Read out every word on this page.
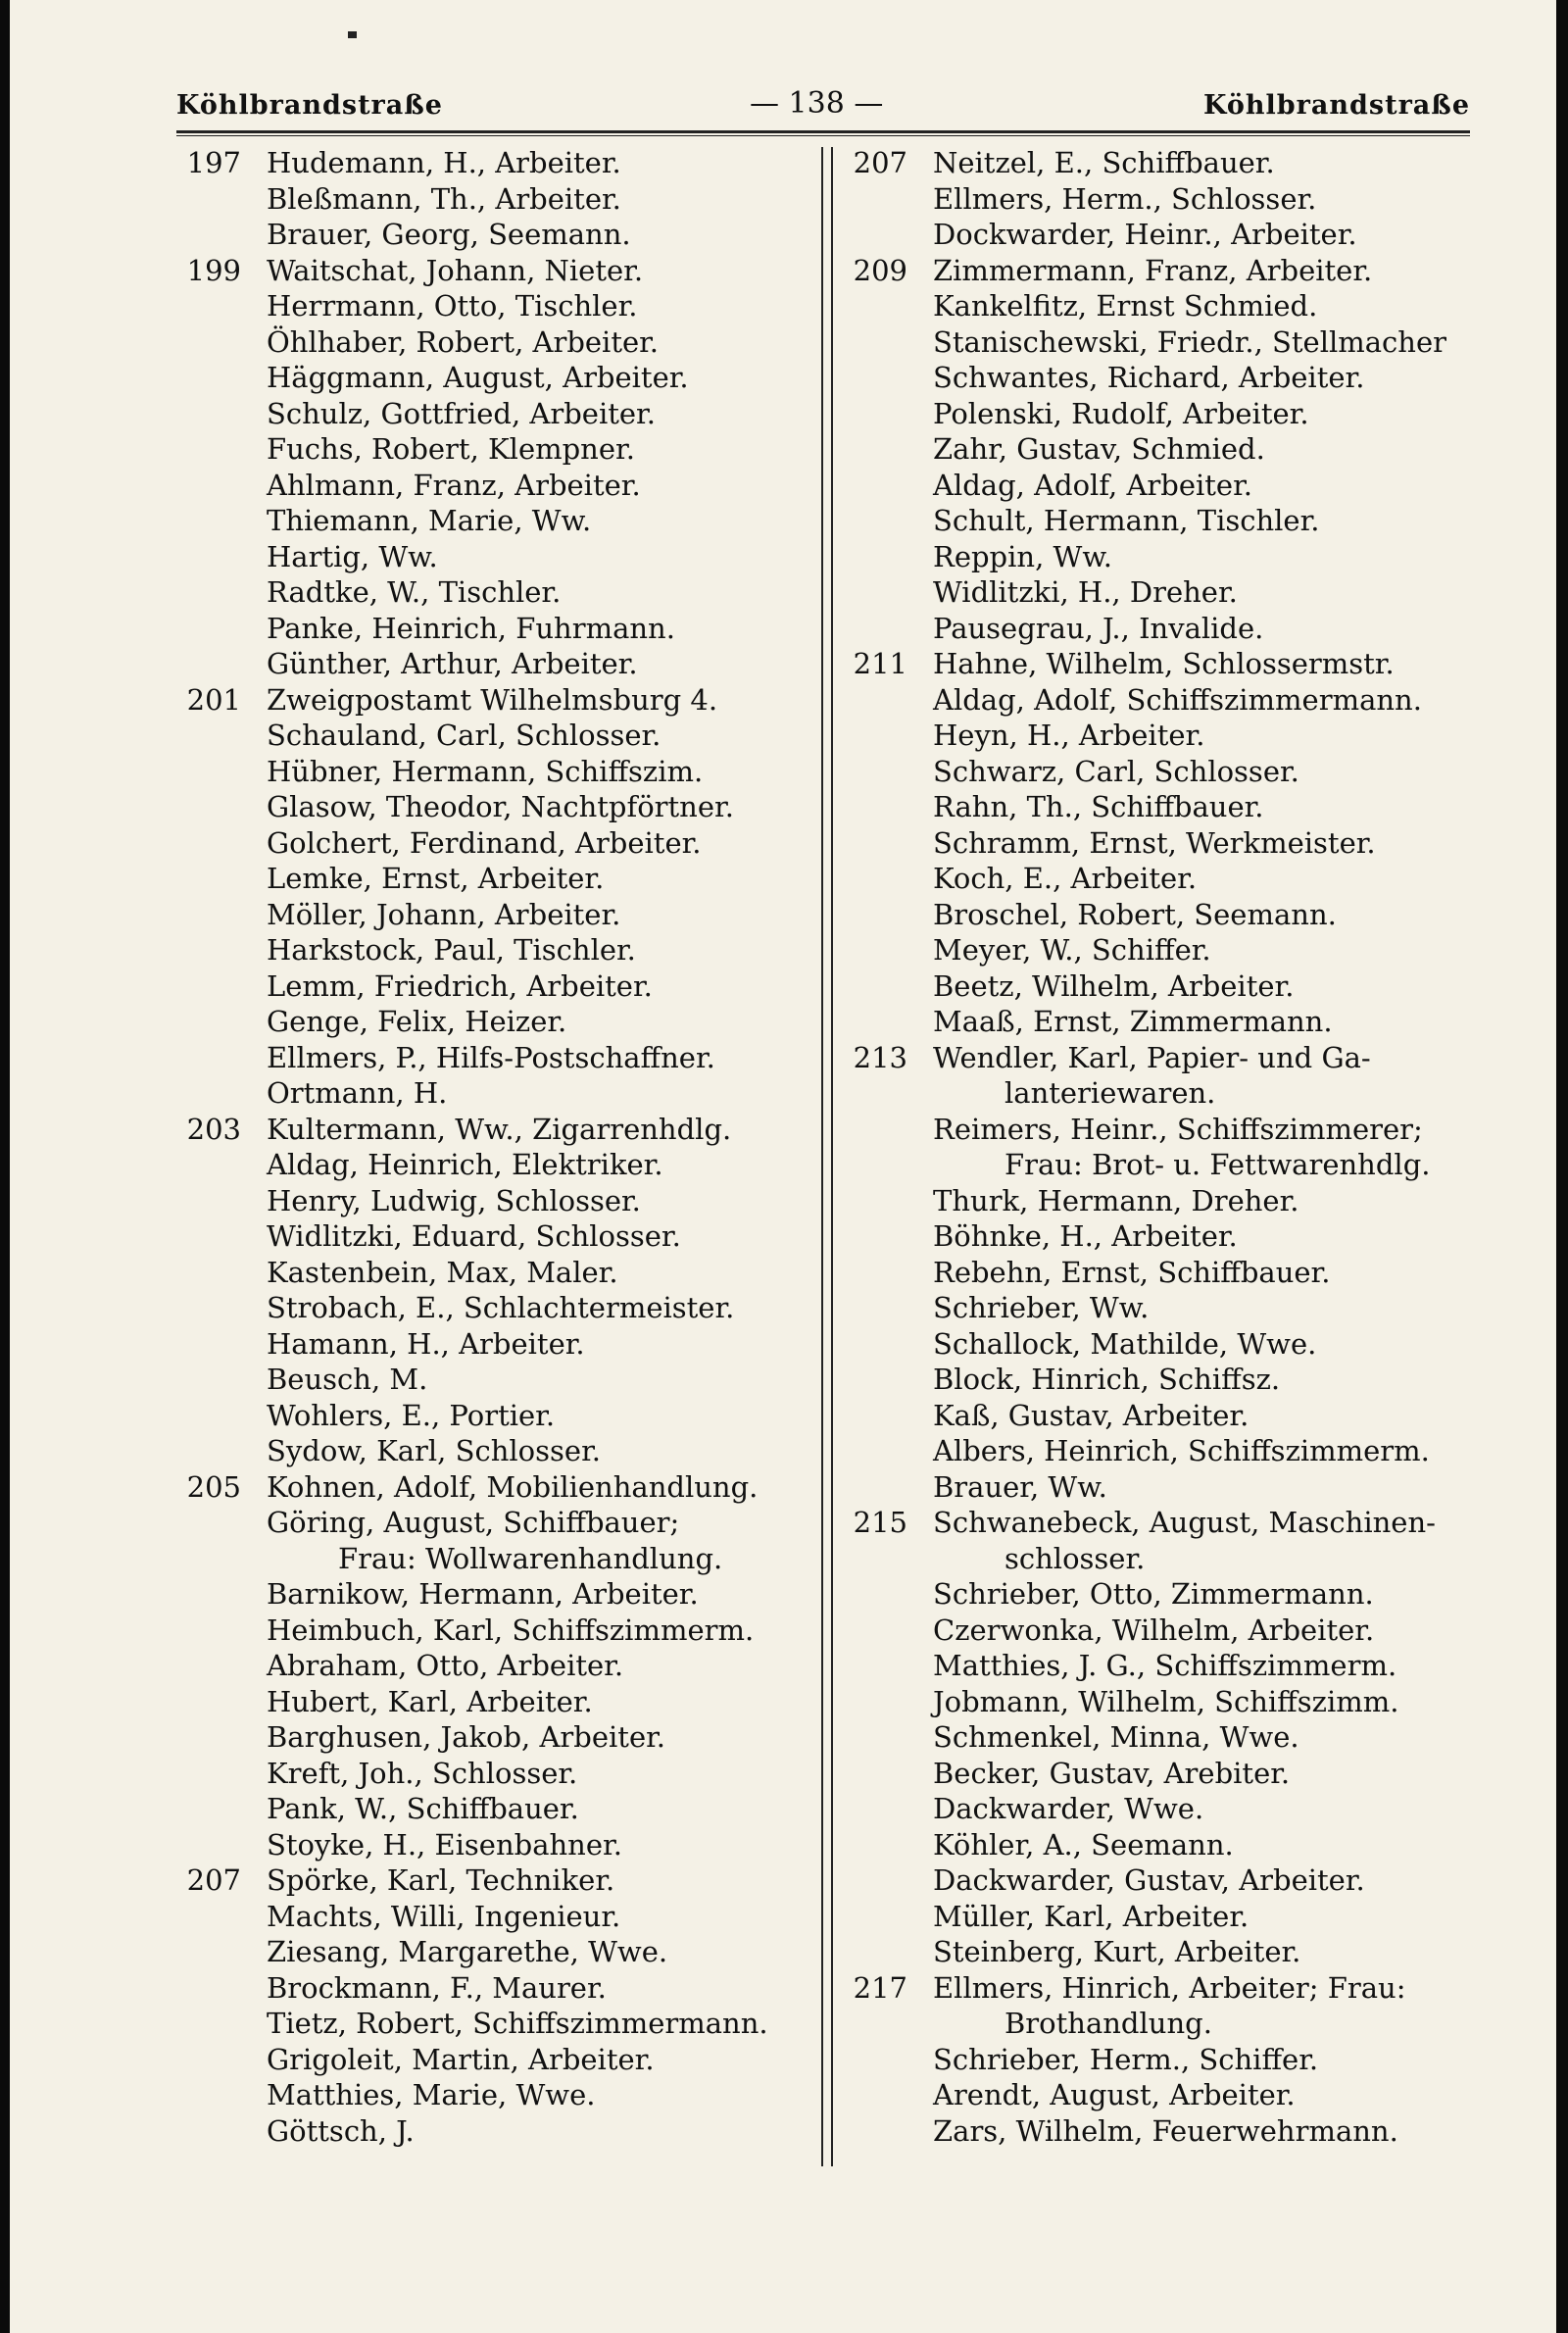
Köhlbrandstraße	— 138 —	Köhlbrandstraße
197 Hudemann, H., Arbeiter.
Bleßmann, Th., Arbeiter.
Brauer, Georg, Seemann.
199 Waitschat, Johann, Nieter.
Herrmann, Otto, Tischler.
Öhlhaber, Robert, Arbeiter.
Häggmann, August, Arbeiter.
Schulz, Gottfried, Arbeiter.
Fuchs, Robert, Klempner.
Ahlmann, Franz, Arbeiter.
Thiemann, Marie, Ww.
Hartig, Ww.
Radtke, W., Tischler.
Panke, Heinrich, Fuhrmann.
Günther, Arthur, Arbeiter.
201 Zweigpostamt Wilhelmsburg 4.
Schauland, Carl, Schlosser.
Hübner, Hermann, Schiffszim.
Glasow, Theodor, Nachtpförtner.
Golchert, Ferdinand, Arbeiter.
Lemke, Ernst, Arbeiter.
Möller, Johann, Arbeiter.
Harkstock, Paul, Tischler.
Lemm, Friedrich, Arbeiter.
Genge, Felix, Heizer.
Ellmers, P., Hilfs-Postschaffner.
Ortmann, H.
203 Kultermann, Ww., Zigarrenhdlg.
Aldag, Heinrich, Elektriker.
Henry, Ludwig, Schlosser.
Widlitzki, Eduard, Schlosser.
Kastenbein, Max, Maler.
Strobach, E., Schlachtermeister.
Hamann, H., Arbeiter.
Beusch, M.
Wohlers, E., Portier.
Sydow, Karl, Schlosser.
205 Kohnen, Adolf, Mobilienhandlung.
Göring, August, Schiffbauer;
Frau: Wollwarenhandlung.
Barnikow, Hermann, Arbeiter.
Heimbuch, Karl, Schiffszimmerm.
Abraham, Otto, Arbeiter.
Hubert, Karl, Arbeiter.
Barghusen, Jakob, Arbeiter.
Kreft, Joh., Schlosser.
Pank, W., Schiffbauer.
Stoyke, H., Eisenbahner.
207 Spörke, Karl, Techniker.
Machts, Willi, Ingenieur.
Ziesang, Margarethe, Wwe.
Brockmann, F., Maurer.
Tietz, Robert, Schiffszimmermann.
Grigoleit, Martin, Arbeiter.
Matthies, Marie, Wwe.
Göttsch, J.
207 Neitzel, E., Schiffbauer.
Ellmers, Herm., Schlosser.
Dockwarder, Heinr., Arbeiter.
209 Zimmermann, Franz, Arbeiter.
Kankelfitz, Ernst Schmied.
Stanischewski, Friedr., Stellmacher
Schwantes, Richard, Arbeiter.
Polenski, Rudolf, Arbeiter.
Zahr, Gustav, Schmied.
Aldag, Adolf, Arbeiter.
Schult, Hermann, Tischler.
Reppin, Ww.
Widlitzki, H., Dreher.
Pausegrau, J., Invalide.
211 Hahne, Wilhelm, Schlossermstr.
Aldag, Adolf, Schiffszimmermann.
Heyn, H., Arbeiter.
Schwarz, Carl, Schlosser.
Rahn, Th., Schiffbauer.
Schramm, Ernst, Werkmeister.
Koch, E., Arbeiter.
Broschel, Robert, Seemann.
Meyer, W., Schiffer.
Beetz, Wilhelm, Arbeiter.
Maaß, Ernst, Zimmermann.
213 Wendler, Karl, Papier- und Ga-
lanteriewaren.
Reimers, Heinr., Schiffszimmerer;
Frau: Brot- u. Fettwarenhdlg.
Thurk, Hermann, Dreher.
Böhnke, H., Arbeiter.
Rebehn, Ernst, Schiffbauer.
Schrieber, Ww.
Schallock, Mathilde, Wwe.
Block, Hinrich, Schiffsz.
Kaß, Gustav, Arbeiter.
Albers, Heinrich, Schiffszimmerm.
Brauer, Ww.
215 Schwanebeck, August, Maschinen-
schlosser.
Schrieber, Otto, Zimmermann.
Czerwonka, Wilhelm, Arbeiter.
Matthies, J. G., Schiffszimmerm.
Jobmann, Wilhelm, Schiffszimm.
Schmenkel, Minna, Wwe.
Becker, Gustav, Arebiter.
Dackwarder, Wwe.
Köhler, A., Seemann.
Dackwarder, Gustav, Arbeiter.
Müller, Karl, Arbeiter.
Steinberg, Kurt, Arbeiter.
217 Ellmers, Hinrich, Arbeiter; Frau:
Brothandlung.
Schrieber, Herm., Schiffer.
Arendt, August, Arbeiter.
Zars, Wilhelm, Feuerwehrmann.
